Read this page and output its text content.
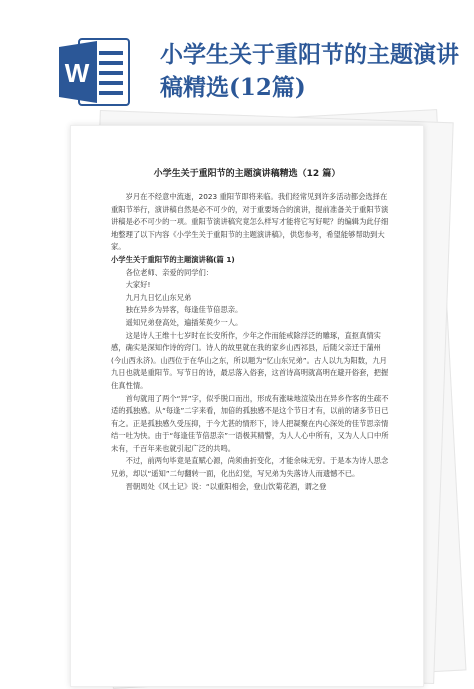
W
小学生关于重阳节的主题演讲稿精选(12篇)
小学生关于重阳节的主题演讲稿精选（12 篇）

岁月在不经意中流逝，2023 重阳节即将来临。我们经常见到许多活动都会选择在重阳节举行，演讲稿自然是必不可少的，对于重要场合的演讲，提前准备关于重阳节演讲稿是必不可少的一项。重阳节演讲稿究竟怎么样写才能将它写好呢？的编辑为此仔细地整理了以下内容《小学生关于重阳节的主题演讲稿》，供您参考，希望能够帮助到大家。

小学生关于重阳节的主题演讲稿(篇 1)

各位老师、亲爱的同学们：

大家好!

九月九日忆山东兄弟

独在异乡为异客，每逢佳节倍思亲。

遥知兄弟登高处，遍插茱萸少一人。

这是诗人王维十七岁时在长安所作，少年之作而能戒除浮泛的雕琢，直抠真情实感，确实是深知作诗的窍门。诗人的故里就在我的家乡山西祁县，后随父亲迁于蒲州(今山西永济)。山西位于在华山之东，所以题为“忆山东兄弟”。古人以九为阳数，九月九日也就是重阳节。写节日的诗，最忌落入俗套，这首诗高明就高明在避开俗套，把握住真性情。

首句就用了两个“异”字，似乎脱口而出，形成有涨味地渲染出在异乡作客的生疏不适的孤独感。从“每逢”二字来看，加倍的孤独感不是这个节日才有，以前的诸多节日已有之。正是孤独感久受压抑，于今尤甚的情形下，诗人把凝聚在内心深处的佳节思亲情结一吐为快。由于“每逢佳节倍思亲”一语极其精警，为人人心中所有，又为人人口中所未有，千百年来也就引起广泛的共鸣。

不过，前两句毕竟是直赋心源，尚须曲折变化，才能余味无穷。于是本为诗人思念兄弟，却以“遥知”二句翻转一面，化出幻觉，写兄弟为失落诗人而遗憾不已。

晋朝周处《风土记》说：“以重阳相会，登山饮菊花酒，谓之登
